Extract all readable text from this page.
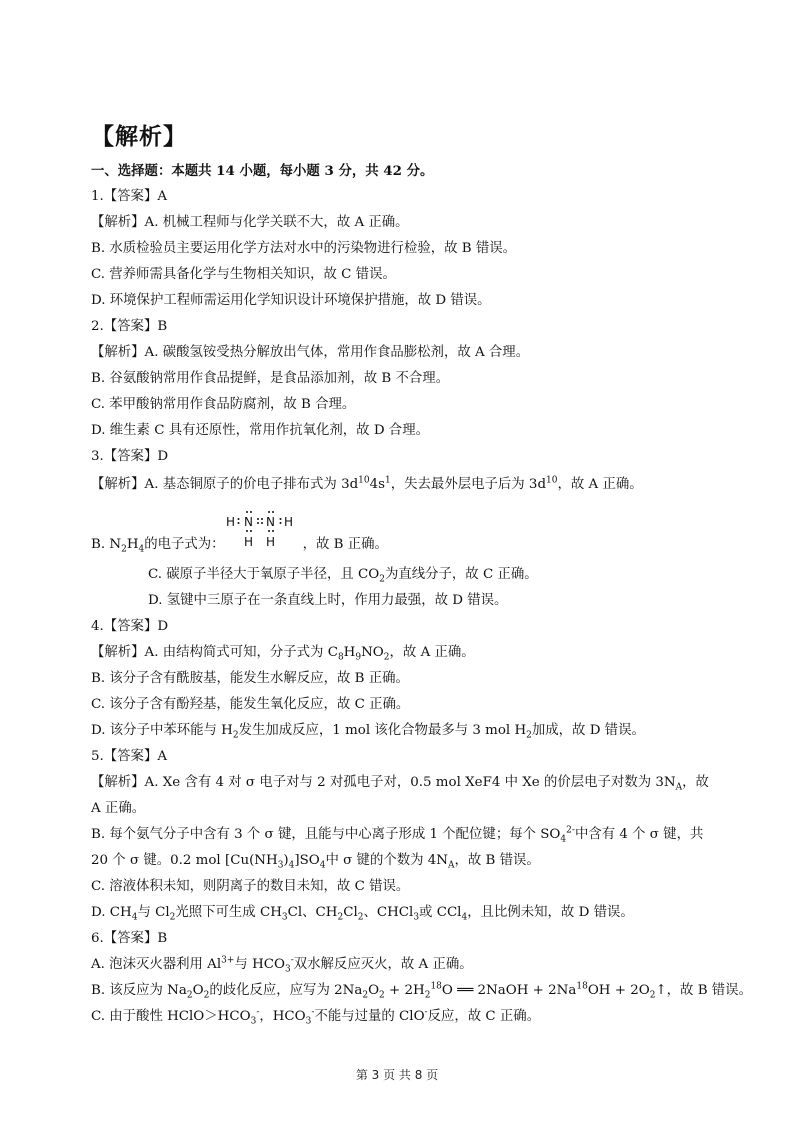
【解析】
一、选择题：本题共 14 小题，每小题 3 分，共 42 分。
1.【答案】A
【解析】A. 机械工程师与化学关联不大，故 A 正确。
B. 水质检验员主要运用化学方法对水中的污染物进行检验，故 B 错误。
C. 营养师需具备化学与生物相关知识，故 C 错误。
D. 环境保护工程师需运用化学知识设计环境保护措施，故 D 错误。
2.【答案】B
【解析】A. 碳酸氢铵受热分解放出气体，常用作食品膨松剂，故 A 合理。
B. 谷氨酸钠常用作食品提鲜，是食品添加剂，故 B 不合理。
C. 苯甲酸钠常用作食品防腐剂，故 B 合理。
D. 维生素 C 具有还原性，常用作抗氧化剂，故 D 合理。
3.【答案】D
【解析】A. 基态铜原子的价电子排布式为 $3d^{10}4s^1$，失去最外层电子后为 $3d^{10}$，故 A 正确。
H N N H
H H
B. $N_2H_4$的电子式为：	，故 B 正确。
C. 碳原子半径大于氧原子半径，且 $CO_2$为直线分子，故 C 正确。
D. 氢键中三原子在一条直线上时，作用力最强，故 D 错误。
4.【答案】D
【解析】A. 由结构简式可知，分子式为 $C_8H_9NO_2$，故 A 正确。
B. 该分子含有酰胺基，能发生水解反应，故 B 正确。
C. 该分子含有酚羟基，能发生氧化反应，故 C 正确。
D. 该分子中苯环能与 $H_2$发生加成反应，1 mol 该化合物最多与 3 mol $H_2$加成，故 D 错误。
5.【答案】A
【解析】A. Xe 含有 4 对 σ 电子对与 2 对孤电子对，0.5 mol XeF4 中 Xe 的价层电子对数为 $3N_A$，故
A 正确。
B. 每个氨气分子中含有 3 个 σ 键，且能与中心离子形成 1 个配位键；每个 $SO_4^{2-}$中含有 4 个 σ 键，共
20 个 σ 键。0.2 mol $[Cu(NH_3)_4]SO_4$中 σ 键的个数为 $4N_A$，故 B 错误。
C. 溶液体积未知，则阴离子的数目未知，故 C 错误。
D. $CH_4$与 $Cl_2$光照下可生成 $CH_3Cl$、$CH_2Cl_2$、CHCl$_3$或 CCl$_4$，且比例未知，故 D 错误。
6.【答案】B
A. 泡沫灭火器利用 $Al^{3+}$与 $HCO_3^-$双水解反应灭火，故 A 正确。
B. 该反应为 $Na_2O_2$的歧化反应，应写为 $2Na_2O_2 + 2H_2^{18}O$ ══ 2NaOH + $2Na^{18}OH$ + $2O_2↑$，故 B 错误。
C. 由于酸性 $HClO>HCO_3^-$，$HCO_3^-$不能与过量的 ClO-反应，故 C 正确。
第 3 页 共 8 页
